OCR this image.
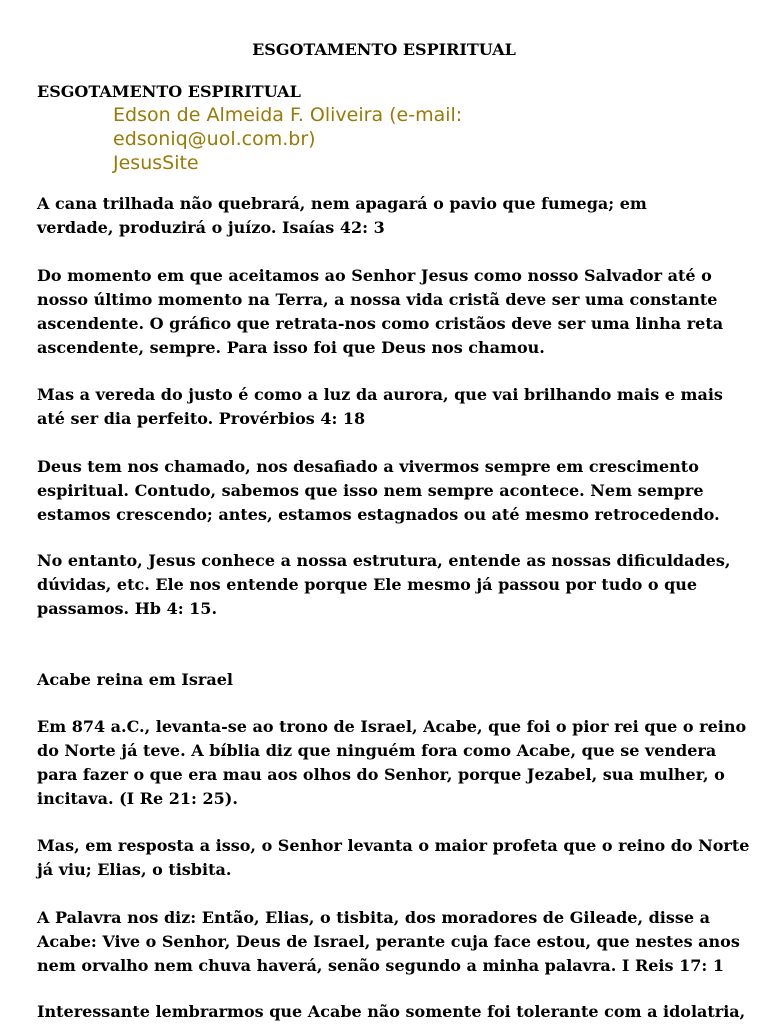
ESGOTAMENTO ESPIRITUAL
ESGOTAMENTO ESPIRITUAL
Edson de Almeida F. Oliveira (e-mail:
edsoniq@uol.com.br)
JesusSite

A cana trilhada não quebrará, nem apagará o pavio que fumega; em
verdade, produzirá o juízo. Isaías 42: 3

Do momento em que aceitamos ao Senhor Jesus como nosso Salvador até o
nosso último momento na Terra, a nossa vida cristã deve ser uma constante
ascendente. O gráfico que retrata-nos como cristãos deve ser uma linha reta
ascendente, sempre. Para isso foi que Deus nos chamou.

Mas a vereda do justo é como a luz da aurora, que vai brilhando mais e mais
até ser dia perfeito. Provérbios 4: 18

Deus tem nos chamado, nos desafiado a vivermos sempre em crescimento
espiritual. Contudo, sabemos que isso nem sempre acontece. Nem sempre
estamos crescendo; antes, estamos estagnados ou até mesmo retrocedendo.

No entanto, Jesus conhece a nossa estrutura, entende as nossas dificuldades,
dúvidas, etc. Ele nos entende porque Ele mesmo já passou por tudo o que
passamos. Hb 4: 15.

Acabe reina em Israel

Em 874 a.C., levanta-se ao trono de Israel, Acabe, que foi o pior rei que o reino
do Norte já teve. A bíblia diz que ninguém fora como Acabe, que se vendera
para fazer o que era mau aos olhos do Senhor, porque Jezabel, sua mulher, o
incitava. (I Re 21: 25).

Mas, em resposta a isso, o Senhor levanta o maior profeta que o reino do Norte
já viu; Elias, o tisbita.

A Palavra nos diz: Então, Elias, o tisbita, dos moradores de Gileade, disse a
Acabe: Vive o Senhor, Deus de Israel, perante cuja face estou, que nestes anos
nem orvalho nem chuva haverá, senão segundo a minha palavra. I Reis 17: 1

Interessante lembrarmos que Acabe não somente foi tolerante com a idolatria,
